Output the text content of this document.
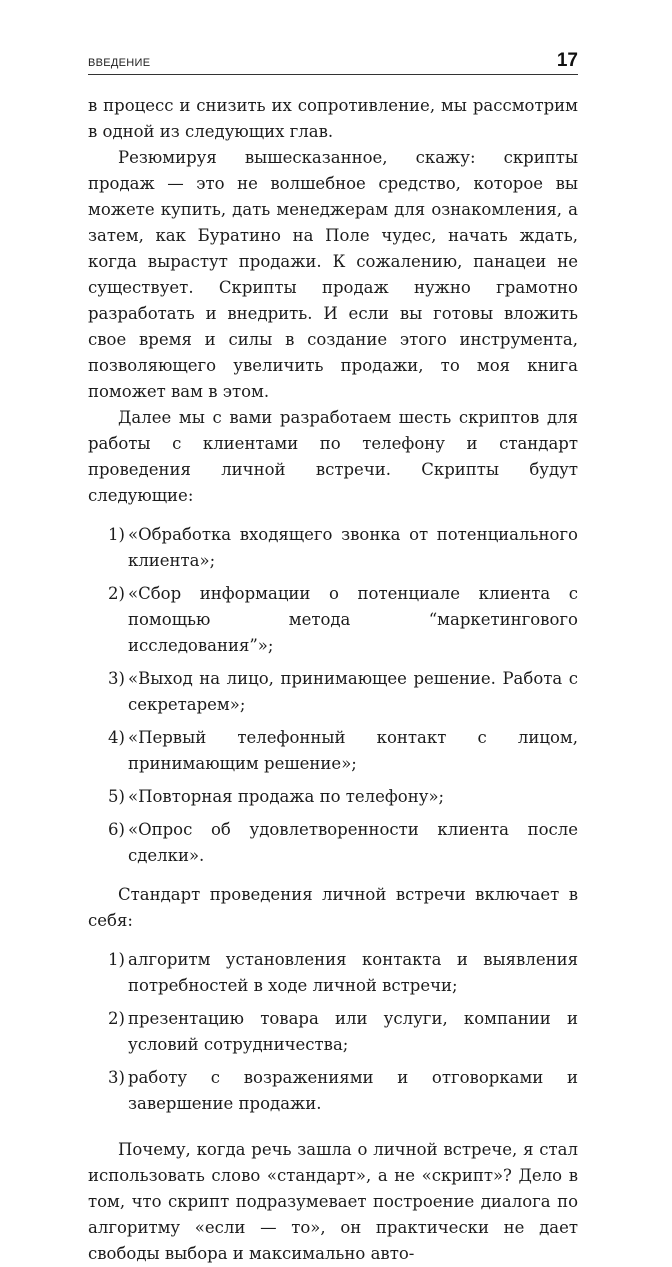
ВВЕДЕНИЕ	17

в процесс и снизить их сопротивление, мы рассмотрим в одной из следующих глав.

Резюмируя вышесказанное, скажу: скрипты продаж — это не волшебное средство, которое вы можете купить, дать менеджерам для ознакомления, а затем, как Буратино на Поле чудес, начать ждать, когда вырастут продажи. К сожалению, панацеи не существует. Скрипты продаж нужно грамотно разработать и внедрить. И если вы готовы вложить свое время и силы в создание этого инструмента, позволяющего увеличить продажи, то моя книга поможет вам в этом.

Далее мы с вами разработаем шесть скриптов для работы с клиентами по телефону и стандарт проведения личной встречи. Скрипты будут следующие:

1) «Обработка входящего звонка от потенциального клиента»;
2) «Сбор информации о потенциале клиента с помощью метода “маркетингового исследования”»;
3) «Выход на лицо, принимающее решение. Работа с секретарем»;
4) «Первый телефонный контакт с лицом, принимающим решение»;
5) «Повторная продажа по телефону»;
6) «Опрос об удовлетворенности клиента после сделки».

Стандарт проведения личной встречи включает в себя:

1) алгоритм установления контакта и выявления потребностей в ходе личной встречи;
2) презентацию товара или услуги, компании и условий сотрудничества;
3) работу с возражениями и отговорками и завершение продажи.

Почему, когда речь зашла о личной встрече, я стал использовать слово «стандарт», а не «скрипт»? Дело в том, что скрипт подразумевает построение диалога по алгоритму «если — то», он практически не дает свободы выбора и максимально авто-
